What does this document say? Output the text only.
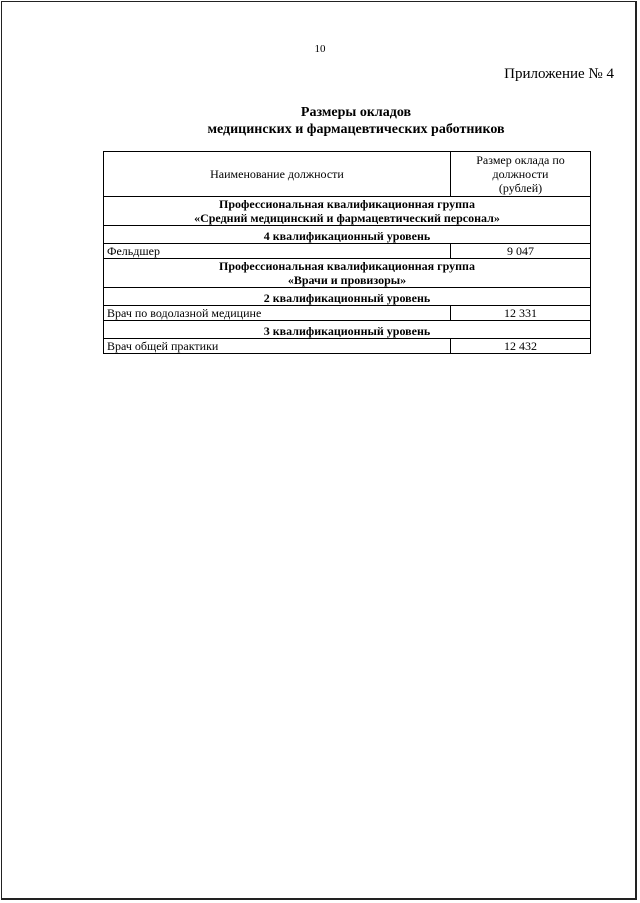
10
Приложение № 4
Размеры окладов
медицинских и фармацевтических работников
Наименование должности	Размер оклада по
должности
(рублей)

Профессиональная квалификационная группа
«Средний медицинский и фармацевтический персонал»	

4 квалификационный уровень	
Фельдшер	9 047

Профессиональная квалификационная группа
«Врачи и провизоры»	

2 квалификационный уровень	
Врач по водолазной медицине	12 331
3 квалификационный уровень	
Врач общей практики	12 432
